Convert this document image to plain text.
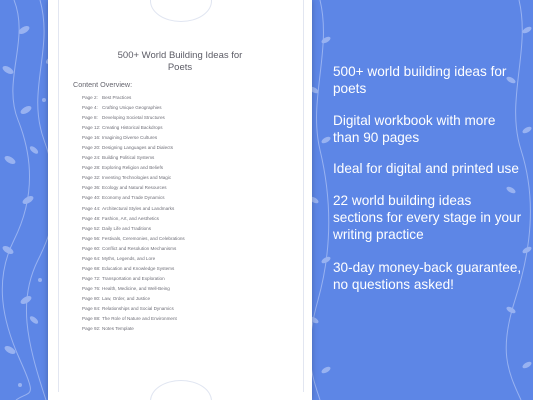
500+ World Building Ideas for
Poets
Content Overview:
Page 2: Best Practices
Page 4: Crafting Unique Geographies
Page 8: Developing Societal Structures
Page 12: Creating Historical Backdrops
Page 16: Imagining Diverse Cultures
Page 20: Designing Languages and Dialects
Page 24: Building Political Systems
Page 28: Exploring Religion and Beliefs
Page 32: Inventing Technologies and Magic
Page 36: Ecology and Natural Resources
Page 40: Economy and Trade Dynamics
Page 44: Architectural Styles and Landmarks
Page 48: Fashion, Art, and Aesthetics
Page 52: Daily Life and Traditions
Page 56: Festivals, Ceremonies, and Celebrations
Page 60: Conflict and Resolution Mechanisms
Page 64: Myths, Legends, and Lore
Page 68: Education and Knowledge Systems
Page 72: Transportation and Exploration
Page 76: Health, Medicine, and Well-Being
Page 80: Law, Order, and Justice
Page 84: Relationships and Social Dynamics
Page 88: The Role of Nature and Environment
Page 92: Notes Template

500+ world building ideas for poets

Digital workbook with more than 90 pages

Ideal for digital and printed use

22 world building ideas sections for every stage in your writing practice

30-day money-back guarantee, no questions asked!
